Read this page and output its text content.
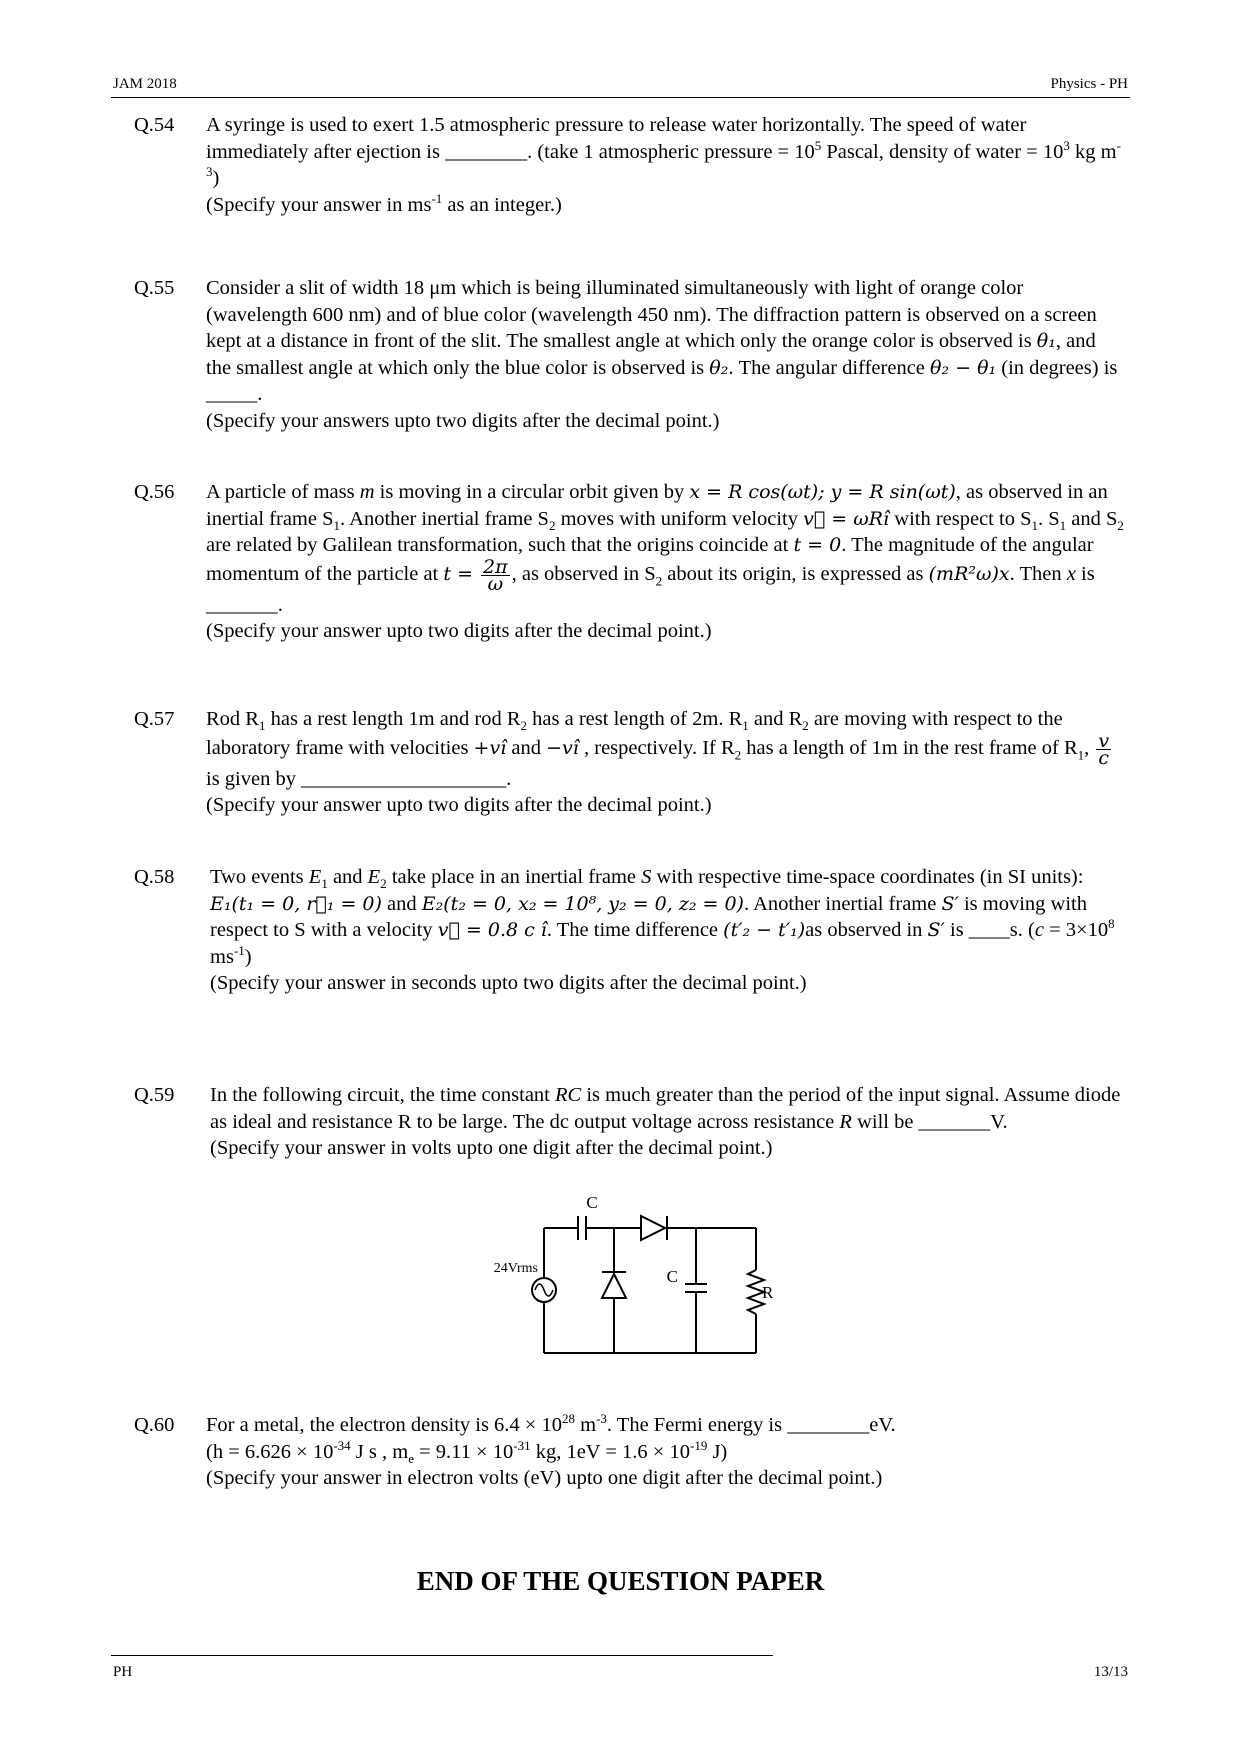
JAM 2018	Physics - PH
Q.54 A syringe is used to exert 1.5 atmospheric pressure to release water horizontally. The speed of water immediately after ejection is ________. (take 1 atmospheric pressure = $10^5$ Pascal, density of water = $10^3$ kg $m^{-3}$)
(Specify your answer in $ms^{-1}$ as an integer.)
Q.55 Consider a slit of width 18 μm which is being illuminated simultaneously with light of orange color (wavelength 600 nm) and of blue color (wavelength 450 nm). The diffraction pattern is observed on a screen kept at a distance in front of the slit. The smallest angle at which only the orange color is observed is θ₁, and the smallest angle at which only the blue color is observed is θ₂. The angular difference θ₂ − θ₁ (in degrees) is _____.
(Specify your answers upto two digits after the decimal point.)
Q.56 A particle of mass m is moving in a circular orbit given by x = R cos(ωt); y = R sin(ωt), as observed in an inertial frame $S_1$. Another inertial frame $S_2$ moves with uniform velocity v⃗ = ωRî with respect to $S_1$. $S_1$ and $S_2$ are related by Galilean transformation, such that the origins coincide at t = 0. The magnitude of the angular momentum of the particle at $t = \frac{2\pi}{\omega}$ , as observed in $S_2$ about its origin, is expressed as (mR²ω)x. Then x is _______.
(Specify your answer upto two digits after the decimal point.)
Q.57 Rod $R_1$ has a rest length 1m and rod $R_2$ has a rest length of 2m. $R_1$ and $R_2$ are moving with respect to the laboratory frame with velocities +vî and −vî , respectively. If $R_2$ has a length of 1m in the rest frame of $R_1$, $\frac{v}{c}$
is given by ____________________.
(Specify your answer upto two digits after the decimal point.)
Q.58 Two events $E_1$ and $E_2$ take place in an inertial frame S with respective time-space coordinates (in SI units): E₁(t₁ = 0, r⃗₁ = 0) and E₂(t₂ = 0, x₂ = 10⁸, y₂ = 0, z₂ = 0). Another inertial frame S′ is moving with respect to S with a velocity v⃗ = 0.8 c î. The time difference (t′₂ − t′₁)as observed in S′ is ____s. ($c = 3\times 10^8$ $ms^{-1}$)
(Specify your answer in seconds upto two digits after the decimal point.)
Q.59 In the following circuit, the time constant RC is much greater than the period of the input signal. Assume diode as ideal and resistance R to be large. The dc output voltage across resistance R will be _______V.
(Specify your answer in volts upto one digit after the decimal point.)
C
C
R
24Vrms
Q.60 For a metal, the electron density is $6.4 \times 10^{28}$ $m^{-3}$. The Fermi energy is ________eV.
($h = 6.626 \times 10^{-34}$ J s , $m_e = 9.11 \times 10^{-31}$ kg, $1eV = 1.6 \times 10^{-19}$ J)
(Specify your answer in electron volts (eV) upto one digit after the decimal point.)
END OF THE QUESTION PAPER
PH	13/13
